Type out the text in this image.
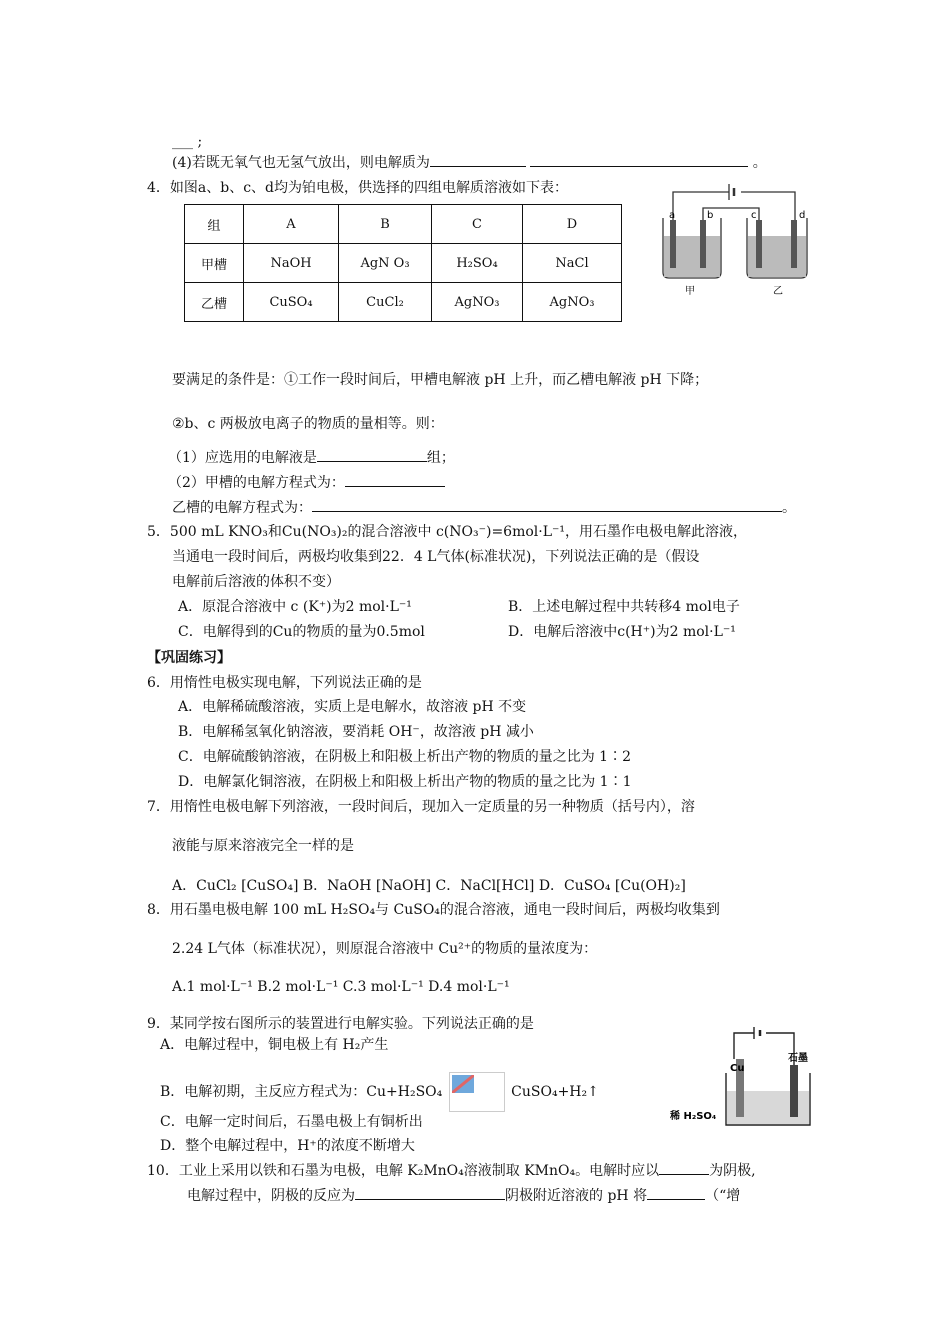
___ ;
(4)若既无氧气也无氢气放出，则电解质为	。
4．如图a、b、c、d均为铂电极，供选择的四组电解质溶液如下表：
组	A	B	C	D
甲槽	NaOH	AgN O₃	H₂SO₄	NaCl
乙槽	CuSO₄	CuCl₂	AgNO₃	AgNO₃
a	b	c	d
甲	乙
要满足的条件是：①工作一段时间后，甲槽电解液 pH 上升，而乙槽电解液 pH 下降；
②b、c 两极放电离子的物质的量相等。则：
（1）应选用的电解液是	组；
（2）甲槽的电解方程式为：
乙槽的电解方程式为：	。
5．500 mL KNO₃和Cu(NO₃)₂的混合溶液中 c(NO₃⁻)=6mol·L⁻¹，用石墨作电极电解此溶液，
当通电一段时间后，两极均收集到22．4 L气体(标准状况)，下列说法正确的是（假设
电解前后溶液的体积不变）
A．原混合溶液中 c (K⁺)为2 mol·L⁻¹	B．上述电解过程中共转移4 mol电子
C．电解得到的Cu的物质的量为0.5mol	D．电解后溶液中c(H⁺)为2 mol·L⁻¹
【巩固练习】
6．用惰性电极实现电解，下列说法正确的是
A．电解稀硫酸溶液，实质上是电解水，故溶液 pH 不变
B．电解稀氢氧化钠溶液，要消耗 OH⁻，故溶液 pH 减小
C．电解硫酸钠溶液，在阴极上和阳极上析出产物的物质的量之比为 1∶2
D．电解氯化铜溶液，在阴极上和阳极上析出产物的物质的量之比为 1∶1
7．用惰性电极电解下列溶液，一段时间后，现加入一定质量的另一种物质（括号内），溶
液能与原来溶液完全一样的是
A．CuCl₂ [CuSO₄] B．NaOH [NaOH] C．NaCl[HCl] D．CuSO₄ [Cu(OH)₂]
8．用石墨电极电解 100 mL H₂SO₄与 CuSO₄的混合溶液，通电一段时间后，两极均收集到
2.24 L气体（标准状况），则原混合溶液中 Cu²⁺的物质的量浓度为：
A.1 mol·L⁻¹ B.2 mol·L⁻¹ C.3 mol·L⁻¹ D.4 mol·L⁻¹
9．某同学按右图所示的装置进行电解实验。下列说法正确的是
A．电解过程中，铜电极上有 H₂产生
B．电解初期，主反应方程式为：Cu+H₂SO₄	CuSO₄+H₂↑
C．电解一定时间后，石墨电极上有铜析出
D．整个电解过程中，H⁺的浓度不断增大
Cu
石墨
稀 H₂SO₄
10．工业上采用以铁和石墨为电极，电解 K₂MnO₄溶液制取 KMnO₄。电解时应以	为阴极,
电解过程中，阴极的反应为	阴极附近溶液的 pH 将	（“增
